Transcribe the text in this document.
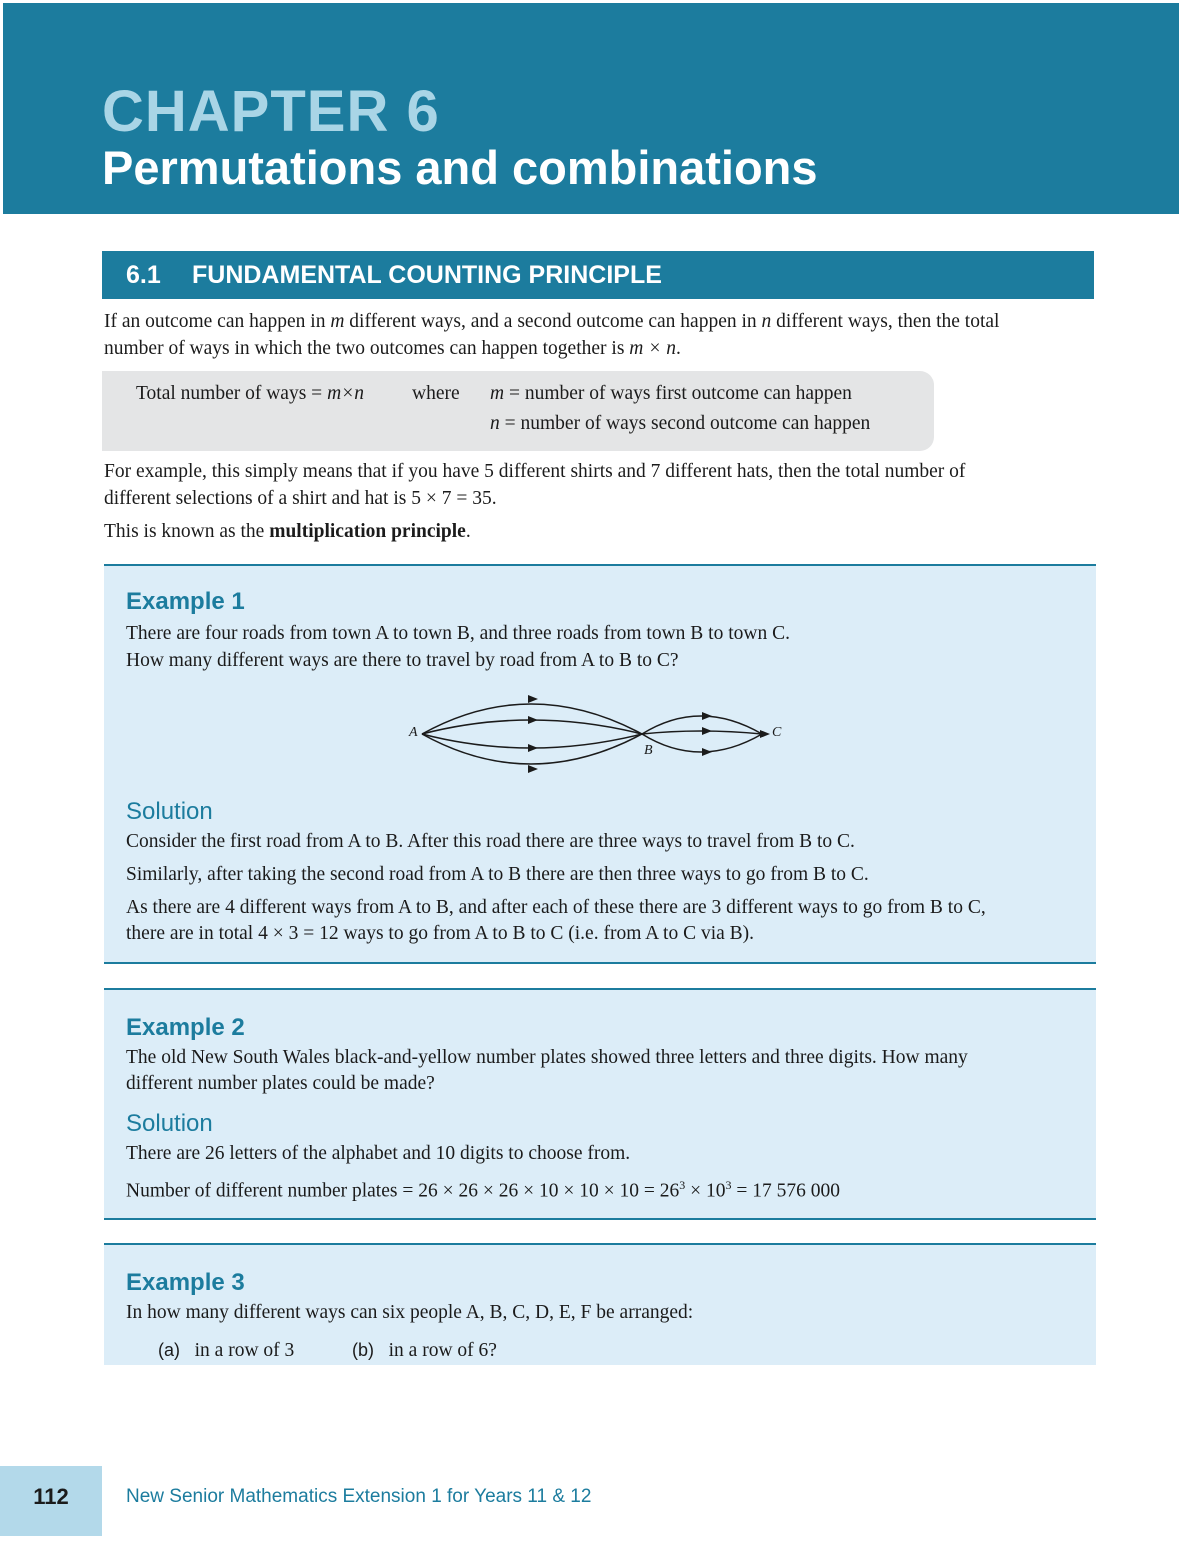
CHAPTER 6
Permutations and combinations
6.1 FUNDAMENTAL COUNTING PRINCIPLE
If an outcome can happen in m different ways, and a second outcome can happen in n different ways, then the total
number of ways in which the two outcomes can happen together is m × n.
Total number of ways = m×n where m = number of ways first outcome can happen
n = number of ways second outcome can happen
For example, this simply means that if you have 5 different shirts and 7 different hats, then the total number of
different selections of a shirt and hat is 5 × 7 = 35.
This is known as the multiplication principle.
Example 1
There are four roads from town A to town B, and three roads from town B to town C.
How many different ways are there to travel by road from A to B to C?
A
B
C
Solution
Consider the first road from A to B. After this road there are three ways to travel from B to C.
Similarly, after taking the second road from A to B there are then three ways to go from B to C.
As there are 4 different ways from A to B, and after each of these there are 3 different ways to go from B to C,
there are in total 4 × 3 = 12 ways to go from A to B to C (i.e. from A to C via B).
Example 2
The old New South Wales black-and-yellow number plates showed three letters and three digits. How many
different number plates could be made?
Solution
There are 26 letters of the alphabet and 10 digits to choose from.
Number of different number plates = $26 \times 26 \times 26 \times 10 \times 10 \times 10 = 26^3 \times 10^3 = 17$ 576 000
Example 3
In how many different ways can six people A, B, C, D, E, F be arranged:
(a) in a row of 3	(b) in a row of 6?
112	New Senior Mathematics Extension 1 for Years 11 & 12
